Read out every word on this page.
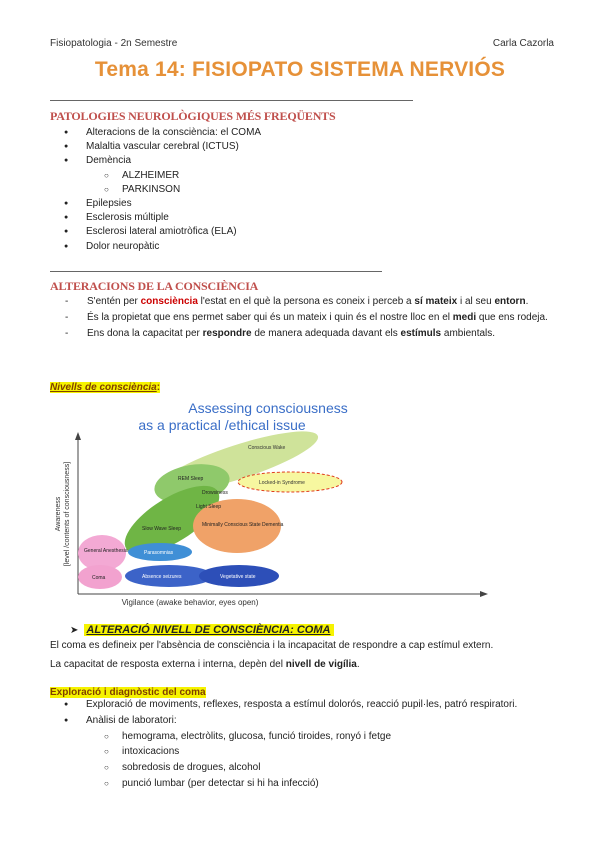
Fisiopatologia - 2n Semestre	Carla Cazorla
Tema 14: FISIOPATO SISTEMA NERVIÓS
PATOLOGIES NEUROLÒGIQUES MÉS FREQÜENTS
● Alteracions de la consciència: el COMA
● Malaltia vascular cerebral (ICTUS)
● Demència
○ ALZHEIMER
○ PARKINSON
● Epilepsies
● Esclerosis múltiple
● Esclerosi lateral amiotròfica (ELA)
● Dolor neuropàtic
ALTERACIONS DE LA CONSCIÈNCIA
- S'entén per consciència l'estat en el què la persona es coneix i perceb a sí mateix i al seu entorn.
- És la propietat que ens permet saber qui és un mateix i quin és el nostre lloc en el medi que ens rodeja.
- Ens dona la capacitat per respondre de manera adequada davant els estímuls ambientals.
Nivells de consciència:
Assessing consciousness
as a practical /ethical issue
Awareness [level /contents of consciousness]
Vigilance (awake behavior, eyes open)
Conscious Wake
Locked-in Syndrome
REM Sleep
Drowsiness
Light Sleep
Slow Wave Sleep
Minimally Conscious State Dementia
General Anesthesia	Parasomnias
Coma	Absence seizures	Vegetative state
➤ ALTERACIÓ NIVELL DE CONSCIÈNCIA: COMA
El coma es defineix per l'absència de consciència i la incapacitat de respondre a cap estímul extern.
La capacitat de resposta externa i interna, depèn del nivell de vigília.
Exploració i diagnòstic del coma
● Exploració de moviments, reflexes, resposta a estímul dolorós, reacció pupil·les, patró respiratori.
● Anàlisi de laboratori:
○ hemograma, electròlits, glucosa, funció tiroides, ronyó i fetge
○ intoxicacions
○ sobredosis de drogues, alcohol
○ punció lumbar (per detectar si hi ha infecció)
